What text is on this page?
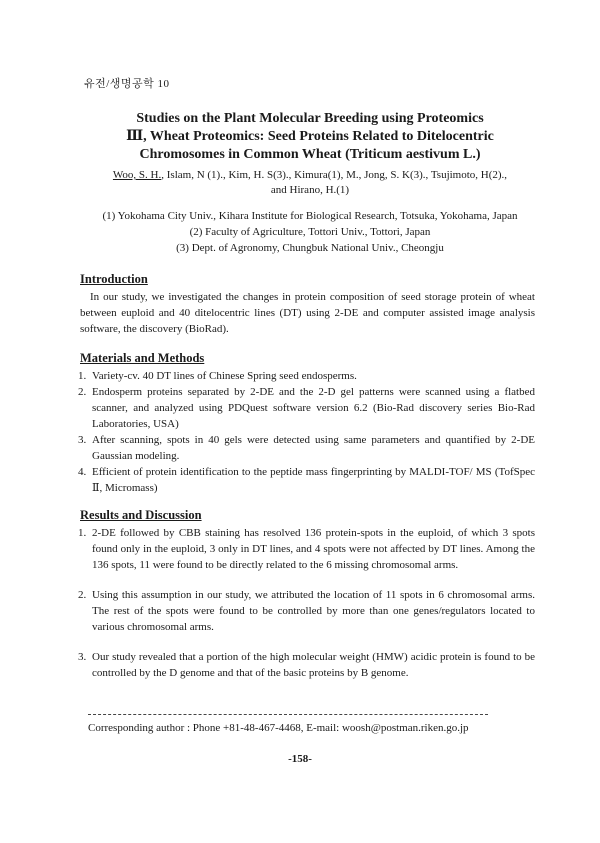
유전/생명공학 10
Studies on the Plant Molecular Breeding using Proteomics
Ⅲ, Wheat Proteomics: Seed Proteins Related to Ditelocentric
Chromosomes in Common Wheat (Triticum aestivum L.)
Woo, S. H., Islam, N (1)., Kim, H. S(3)., Kimura(1), M., Jong, S. K(3)., Tsujimoto, H(2).,
and Hirano, H.(1)
(1) Yokohama City Univ., Kihara Institute for Biological Research, Totsuka, Yokohama, Japan
(2) Faculty of Agriculture, Tottori Univ., Tottori, Japan
(3) Dept. of Agronomy, Chungbuk National Univ., Cheongju
Introduction
In our study, we investigated the changes in protein composition of seed storage protein of wheat between euploid and 40 ditelocentric lines (DT) using 2-DE and computer assisted image analysis software, the discovery (BioRad).
Materials and Methods
1. Variety-cv. 40 DT lines of Chinese Spring seed endosperms.
2. Endosperm proteins separated by 2-DE and the 2-D gel patterns were scanned using a flatbed scanner, and analyzed using PDQuest software version 6.2 (Bio-Rad discovery series Bio-Rad Laboratories, USA)
3. After scanning, spots in 40 gels were detected using same parameters and quantified by 2-DE Gaussian modeling.
4. Efficient of protein identification to the peptide mass fingerprinting by MALDI-TOF/ MS (TofSpec Ⅱ, Micromass)
Results and Discussion
1. 2-DE followed by CBB staining has resolved 136 protein-spots in the euploid, of which 3 spots found only in the euploid, 3 only in DT lines, and 4 spots were not affected by DT lines. Among the 136 spots, 11 were found to be directly related to the 6 missing chromosomal arms.
2. Using this assumption in our study, we attributed the location of 11 spots in 6 chromosomal arms. The rest of the spots were found to be controlled by more than one genes/regulators located to various chromosomal arms.
3. Our study revealed that a portion of the high molecular weight (HMW) acidic protein is found to be controlled by the D genome and that of the basic proteins by B genome.
Corresponding author : Phone +81-48-467-4468, E-mail: woosh@postman.riken.go.jp
-158-
